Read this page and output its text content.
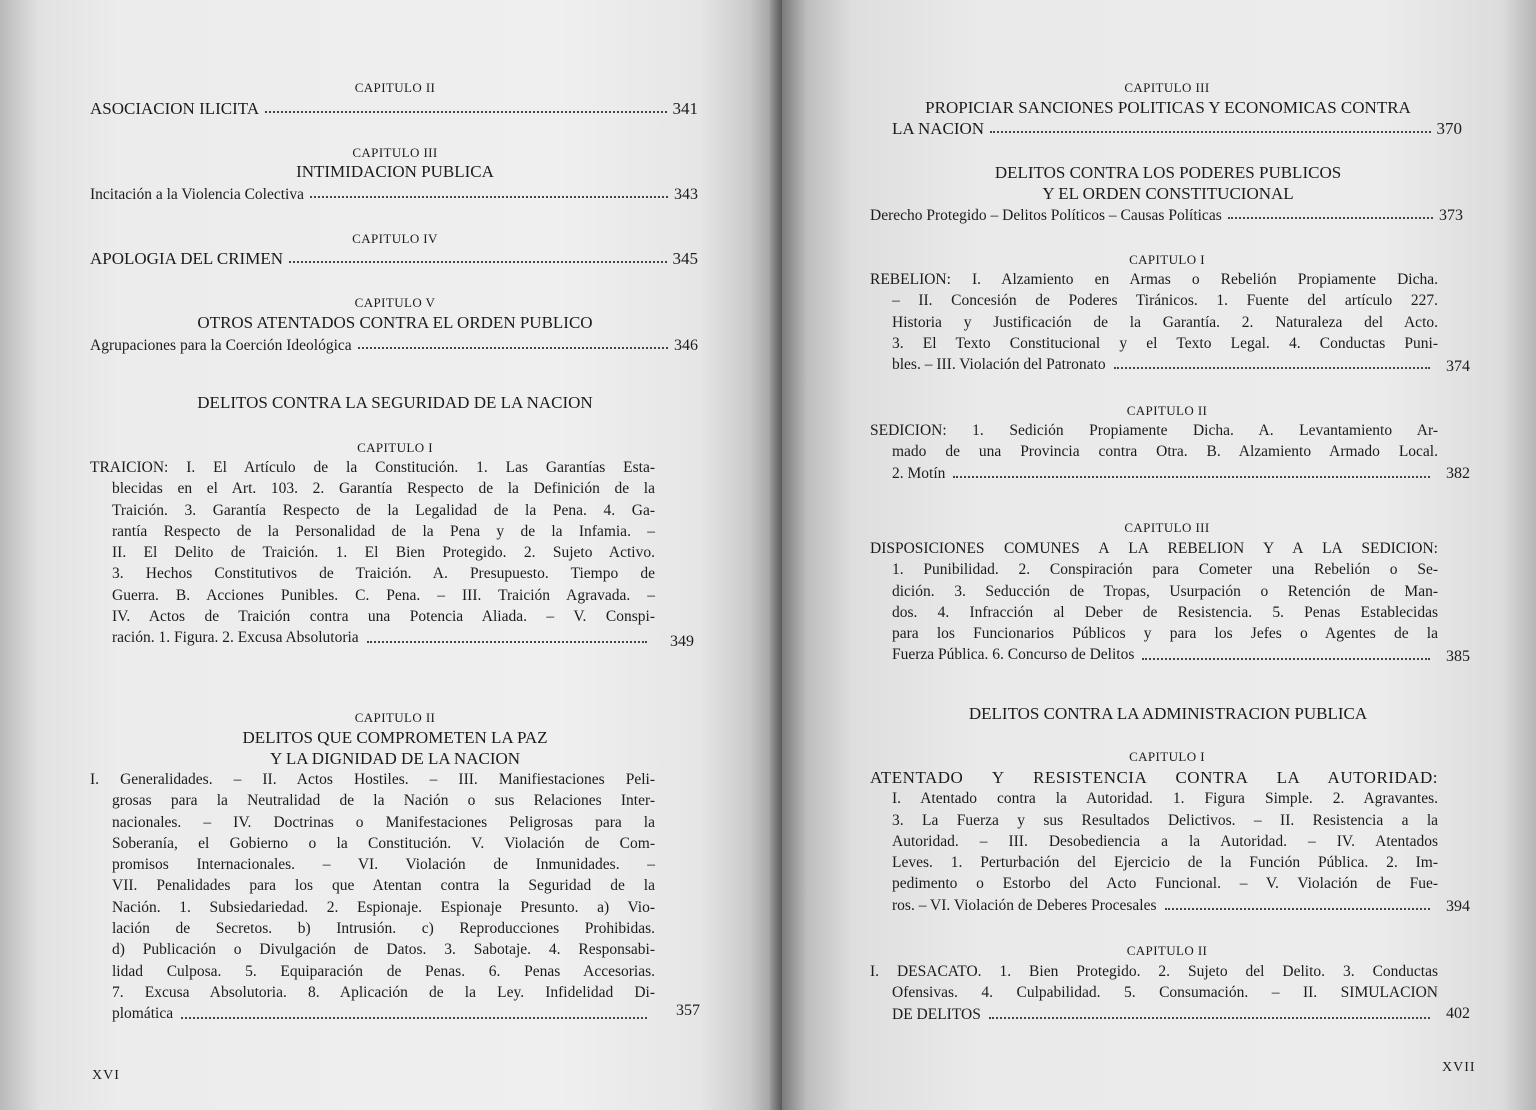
CAPITULO II
ASOCIACION ILICITA	341
CAPITULO III
INTIMIDACION PUBLICA
Incitación a la Violencia Colectiva	343
CAPITULO IV
APOLOGIA DEL CRIMEN	345
CAPITULO V
OTROS ATENTADOS CONTRA EL ORDEN PUBLICO
Agrupaciones para la Coerción Ideológica	346
DELITOS CONTRA LA SEGURIDAD DE LA NACION
CAPITULO I
TRAICION: I. El Artículo de la Constitución. 1. Las Garantías Esta-
blecidas en el Art. 103. 2. Garantía Respecto de la Definición de la
Traición. 3. Garantía Respecto de la Legalidad de la Pena. 4. Ga-
rantía Respecto de la Personalidad de la Pena y de la Infamia. –
II. El Delito de Traición. 1. El Bien Protegido. 2. Sujeto Activo.
3. Hechos Constitutivos de Traición. A. Presupuesto. Tiempo de
Guerra. B. Acciones Punibles. C. Pena. – III. Traición Agravada. –
IV. Actos de Traición contra una Potencia Aliada. – V. Conspi-
ración. 1. Figura. 2. Excusa Absolutoria	349
CAPITULO II
DELITOS QUE COMPROMETEN LA PAZ
Y LA DIGNIDAD DE LA NACION
I. Generalidades. – II. Actos Hostiles. – III. Manifiestaciones Peli-
grosas para la Neutralidad de la Nación o sus Relaciones Inter-
nacionales. – IV. Doctrinas o Manifestaciones Peligrosas para la
Soberanía, el Gobierno o la Constitución. V. Violación de Com-
promisos Internacionales. – VI. Violación de Inmunidades. –
VII. Penalidades para los que Atentan contra la Seguridad de la
Nación. 1. Subsiedariedad. 2. Espionaje. Espionaje Presunto. a) Vio-
lación de Secretos. b) Intrusión. c) Reproducciones Prohibidas.
d) Publicación o Divulgación de Datos. 3. Sabotaje. 4. Responsabi-
lidad Culposa. 5. Equiparación de Penas. 6. Penas Accesorias.
7. Excusa Absolutoria. 8. Aplicación de la Ley. Infidelidad Di-
plomática	357
XVI
CAPITULO III
PROPICIAR SANCIONES POLITICAS Y ECONOMICAS CONTRA
LA NACION	370
DELITOS CONTRA LOS PODERES PUBLICOS
Y EL ORDEN CONSTITUCIONAL
Derecho Protegido – Delitos Políticos – Causas Políticas	373
CAPITULO I
REBELION: I. Alzamiento en Armas o Rebelión Propiamente Dicha.
– II. Concesión de Poderes Tiránicos. 1. Fuente del artículo 227.
Historia y Justificación de la Garantía. 2. Naturaleza del Acto.
3. El Texto Constitucional y el Texto Legal. 4. Conductas Puni-
bles. – III. Violación del Patronato	374
CAPITULO II
SEDICION: 1. Sedición Propiamente Dicha. A. Levantamiento Ar-
mado de una Provincia contra Otra. B. Alzamiento Armado Local.
2. Motín	382
CAPITULO III
DISPOSICIONES COMUNES A LA REBELION Y A LA SEDICION:
1. Punibilidad. 2. Conspiración para Cometer una Rebelión o Se-
dición. 3. Seducción de Tropas, Usurpación o Retención de Man-
dos. 4. Infracción al Deber de Resistencia. 5. Penas Establecidas
para los Funcionarios Públicos y para los Jefes o Agentes de la
Fuerza Pública. 6. Concurso de Delitos	385
DELITOS CONTRA LA ADMINISTRACION PUBLICA
CAPITULO I
ATENTADO Y RESISTENCIA CONTRA LA AUTORIDAD:
I. Atentado contra la Autoridad. 1. Figura Simple. 2. Agravantes.
3. La Fuerza y sus Resultados Delictivos. – II. Resistencia a la
Autoridad. – III. Desobediencia a la Autoridad. – IV. Atentados
Leves. 1. Perturbación del Ejercicio de la Función Pública. 2. Im-
pedimento o Estorbo del Acto Funcional. – V. Violación de Fue-
ros. – VI. Violación de Deberes Procesales	394
CAPITULO II
I. DESACATO. 1. Bien Protegido. 2. Sujeto del Delito. 3. Conductas
Ofensivas. 4. Culpabilidad. 5. Consumación. – II. SIMULACION
DE DELITOS	402
XVII
